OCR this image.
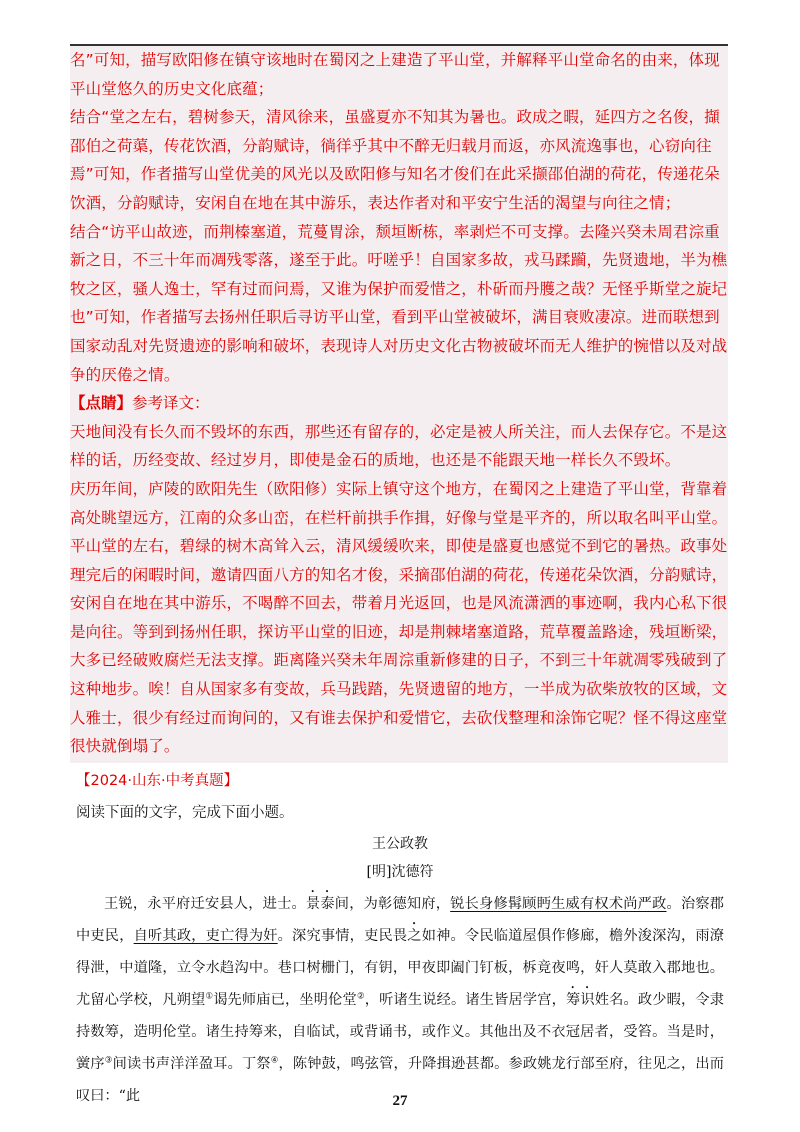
名”可知，描写欧阳修在镇守该地时在蜀冈之上建造了平山堂，并解释平山堂命名的由来，体现平山堂悠久的历史文化底蕴；

结合“堂之左右，碧树参天，清风徐来，虽盛夏亦不知其为暑也。政成之暇，延四方之名俊，擷邵伯之荷蕖，传花饮酒，分韵赋诗，徜徉乎其中不醉无归载月而返，亦风流逸事也，心窃向往焉”可知，作者描写山堂优美的风光以及欧阳修与知名才俊们在此采撷邵伯湖的荷花，传递花朵饮酒，分韵赋诗，安闲自在地在其中游乐，表达作者对和平安宁生活的渴望与向往之情；

结合“访平山故迹，而荆榛塞道，荒蔓胃涂，颓垣断栋，率剥烂不可支撑。去隆兴癸未周君淙重新之日，不三十年而凋残零落，遂至于此。吁嗟乎！自国家多故，戎马蹂躏，先贤遗地，半为樵牧之区，骚人逸士，罕有过而问焉，又谁为保护而爱惜之，朴斫而丹臒之哉？无怪乎斯堂之旋圮也”可知，作者描写去扬州任职后寻访平山堂，看到平山堂被破坏，满目衰败凄凉。进而联想到国家动乱对先贤遗迹的影响和破坏，表现诗人对历史文化古物被破坏而无人维护的惋惜以及对战争的厌倦之情。

【点睛】参考译文：

天地间没有长久而不毁坏的东西，那些还有留存的，必定是被人所关注，而人去保存它。不是这样的话，历经变故、经过岁月，即使是金石的质地，也还是不能跟天地一样长久不毁坏。

庆历年间，庐陵的欧阳先生（欧阳修）实际上镇守这个地方，在蜀冈之上建造了平山堂，背靠着高处眺望远方，江南的众多山峦，在栏杆前拱手作揖，好像与堂是平齐的，所以取名叫平山堂。平山堂的左右，碧绿的树木高耸入云，清风缓缓吹来，即使是盛夏也感觉不到它的暑热。政事处理完后的闲暇时间，邀请四面八方的知名才俊，采摘邵伯湖的荷花，传递花朵饮酒，分韵赋诗，安闲自在地在其中游乐，不喝醉不回去，带着月光返回，也是风流潇洒的事迹啊，我内心私下很是向往。等到到扬州任职，探访平山堂的旧迹，却是荆棘堵塞道路，荒草覆盖路途，残垣断梁，大多已经破败腐烂无法支撑。距离隆兴癸未年周淙重新修建的日子，不到三十年就凋零残破到了这种地步。唉！自从国家多有变故，兵马践踏，先贤遗留的地方，一半成为砍柴放牧的区域，文人雅士，很少有经过而询问的，又有谁去保护和爱惜它，去砍伐整理和涂饰它呢？怪不得这座堂很快就倒塌了。

【2024·山东·中考真题】
阅读下面的文字，完成下面小题。
王公政教
[明]沈德符
王锐，永平府迁安县人，进士。景泰间，为彰德知府，锐长身修髯顾眄生威有权术尚严政。治察郡中吏民，自听其政，吏亡得为奸。深究事情，吏民畏之如神。令民临道屋俱作修廊，檐外浚深沟，雨潦得泄，中道隆，立令水趋沟中。巷口树栅门，有钥，甲夜即阖门钉板，柝竟夜鸣，奸人莫敢入郡地也。尤留心学校，凡朔望①谒先师庙已，坐明伦堂②，听诸生说经。诸生皆居学宫，筹识姓名。政少暇，令隶持数筹，造明伦堂。诸生持筹来，自临试，或背诵书，或作义。其他出及不衣冠居者，受笞。当是时，黉序③间读书声洋洋盈耳。丁祭④，陈钟鼓，鸣弦管，升降揖逊甚都。参政姚龙行部至府，往见之，出而叹曰：“此	27
